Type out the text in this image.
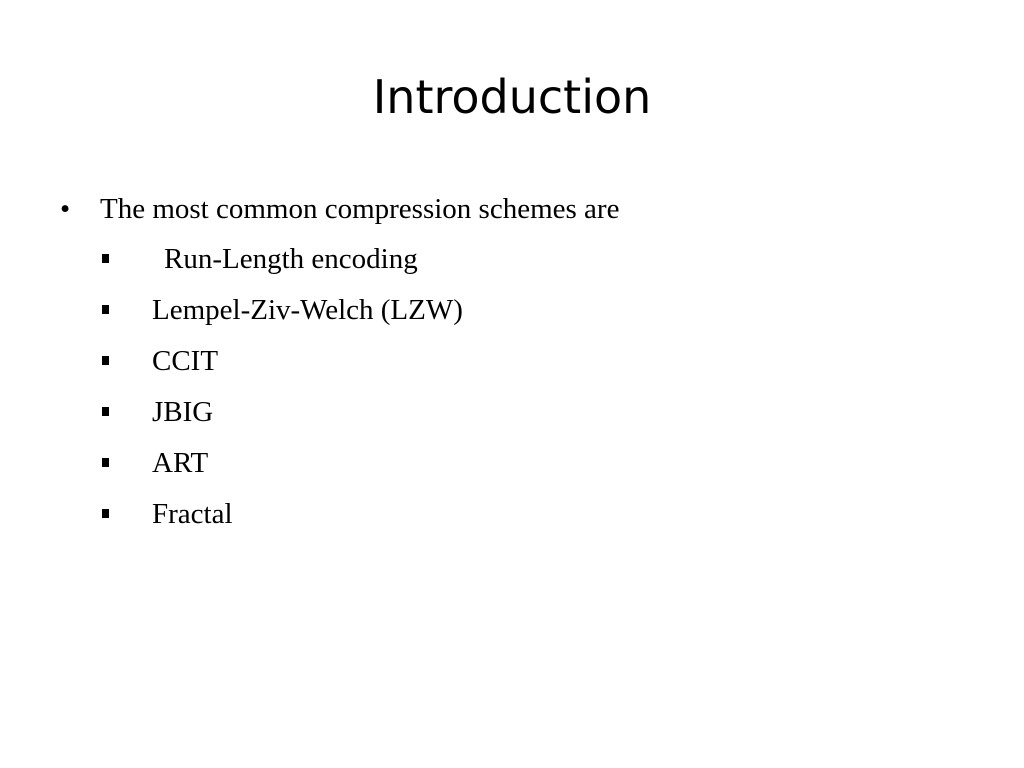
Introduction
•	The most common compression schemes are
Run-Length encoding
Lempel-Ziv-Welch (LZW)
CCIT
JBIG
ART
Fractal
